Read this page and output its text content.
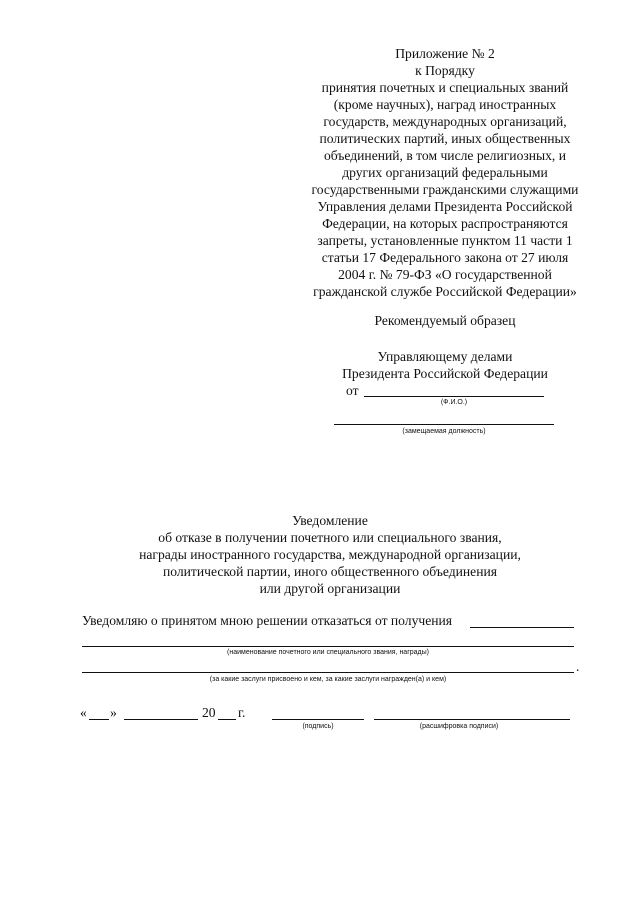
Приложение № 2
к Порядку
принятия почетных и специальных званий
(кроме научных), наград иностранных
государств, международных организаций,
политических партий, иных общественных
объединений, в том числе религиозных, и
других организаций федеральными
государственными гражданскими служащими
Управления делами Президента Российской
Федерации, на которых распространяются
запреты, установленные пунктом 11 части 1
статьи 17 Федерального закона от 27 июля
2004 г. № 79-ФЗ «О государственной
гражданской службе Российской Федерации»
Рекомендуемый образец
Управляющему делами
Президента Российской Федерации
от
(Ф.И.О.)
(замещаемая должность)
Уведомление
об отказе в получении почетного или специального звания,
награды иностранного государства, международной организации,
политической партии, иного общественного объединения
или другой организации
Уведомляю о принятом мною решении отказаться от получения
(наименование почетного или специального звания, награды)
.
(за какие заслуги присвоено и кем, за какие заслуги награжден(а) и кем)
« »	20 г.
(подпись)	(расшифровка подписи)
